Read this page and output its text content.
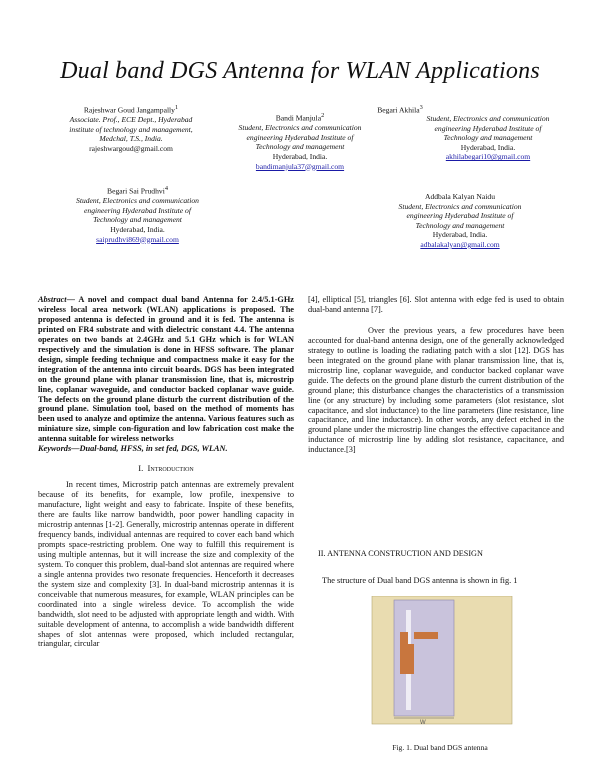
Dual band DGS Antenna for WLAN Applications
Rajeshwar Goud Jangampally$^1$
Associate. Prof., ECE Dept., Hyderabad institute of technology and management, Medchal, T.S., India.
rajeshwargoud@gmail.com
Bandi Manjula$^2$
Student, Electronics and communication engineering Hyderabad Institute of Technology and management
Hyderabad, India.
bandimanjula37@gmail.com
Begari Akhila$^3$
Student, Electronics and communication engineering Hyderabad Institute of Technology and management
Hyderabad, India.
akhilabegari10@gmail.com
Begari Sai Prudhvi$^4$
Student, Electronics and communication engineering Hyderabad Institute of Technology and management
Hyderabad, India.
saiprudhvi869@gmail.com
Addbala Kalyan Naidu
Student, Electronics and communication engineering Hyderabad Institute of Technology and management
Hyderabad, India.
adbalakalyan@gmail.com
Abstract— A novel and compact dual band Antenna for 2.4/5.1-GHz wireless local area network (WLAN) applications is proposed. The proposed antenna is defected in ground and it is fed. The antenna is printed on FR4 substrate and with dielectric constant 4.4. The antenna operates on two bands at 2.4GHz and 5.1 GHz which is for WLAN respectively and the simulation is done in HFSS software. The planar design, simple feeding technique and compactness make it easy for the integration of the antenna into circuit boards. DGS has been integrated on the ground plane with planar transmission line, that is, microstrip line, coplanar waveguide, and conductor backed coplanar wave guide. The defects on the ground plane disturb the current distribution of the ground plane. Simulation tool, based on the method of moments has been used to analyze and optimize the antenna. Various features such as miniature size, simple con-figuration and low fabrication cost make the antenna suitable for wireless networks
Keywords—Dual-band, HFSS, in set fed, DGS, WLAN.
I. Introduction
In recent times, Microstrip patch antennas are extremely prevalent because of its benefits, for example, low profile, inexpensive to manufacture, light weight and easy to fabricate. Inspite of these benefits, there are faults like narrow bandwidth, poor power handling capacity in microstrip antennas [1-2]. Generally, microstrip antennas operate in different frequency bands, individual antennas are required to cover each band which prompts space-restricting problem. One way to fulfill this requirement is using multiple antennas, but it will increase the size and complexity of the system. To conquer this problem, dual-band slot antennas are required where a single antenna provides two resonate frequencies. Henceforth it decreases the system size and complexity [3]. In dual-band microstrip antennas it is conceivable that numerous measures, for example, WLAN principles can be coordinated into a single wireless device. To accomplish the wide bandwidth, slot need to be adjusted with appropriate length and width. With suitable development of antenna, to accomplish a wide bandwidth different shapes of slot antennas were proposed, which included rectangular, triangular, circular
[4], elliptical [5], triangles [6]. Slot antenna with edge fed is used to obtain dual-band antenna [7].
Over the previous years, a few procedures have been accounted for dual-band antenna design, one of the generally acknowledged strategy to outline is loading the radiating patch with a slot [12]. DGS has been integrated on the ground plane with planar transmission line, that is, microstrip line, coplanar waveguide, and conductor backed coplanar wave guide. The defects on the ground plane disturb the current distribution of the ground plane; this disturbance changes the characteristics of a transmission line (or any structure) by including some parameters (slot resistance, slot capacitance, and slot inductance) to the line parameters (line resistance, line capacitance, and line inductance). In other words, any defect etched in the ground plane under the microstrip line changes the effective capacitance and inductance of microstrip line by adding slot resistance, capacitance, and inductance.[3]
II. ANTENNA CONSTRUCTION AND DESIGN
The structure of Dual band DGS antenna is shown in fig. 1
W
Fig. 1. Dual band DGS antenna
